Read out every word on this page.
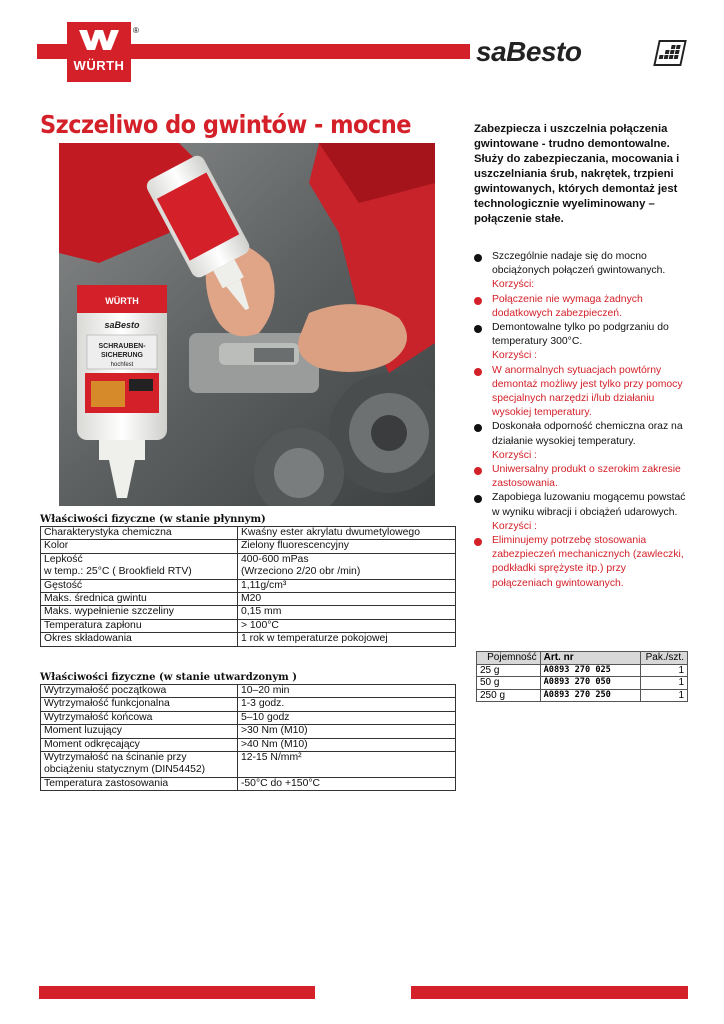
WÜRTH
®
saBesto
Szczeliwo do gwintów - mocne	Zabezpiecza i uszczelnia połączenia gwintowane - trudno demontowalne. Służy do zabezpieczania, mocowania i uszczelniania śrub, nakrętek, trzpieni gwintowanych, których demontaż jest technologicznie wyeliminowany – połączenie stałe.
WÜRTH
saBesto
SCHRAUBEN-
SICHERUNG
hochfest
Szczególnie nadaje się do mocno obciążonych połączeń gwintowanych.
Korzyści:
Połączenie nie wymaga żadnych dodatkowych zabezpieczeń.
Demontowalne tylko po podgrzaniu do temperatury 300°C.
Korzyści :
W anormalnych sytuacjach powtórny demontaż możliwy jest tylko przy pomocy specjalnych narzędzi i/lub działaniu wysokiej temperatury.
Doskonała odporność chemiczna oraz na działanie wysokiej temperatury.
Korzyści :
Uniwersalny produkt o szerokim zakresie zastosowania.
Zapobiega luzowaniu mogącemu powstać w wyniku wibracji i obciążeń udarowych.
Korzyści :
Eliminujemy potrzebę stosowania zabezpieczeń mechanicznych (zawleczki, podkładki sprężyste itp.) przy połączeniach gwintowanych.
Właściwości fizyczne (w stanie płynnym)
Charakterystyka chemiczna	Kwaśny ester akrylatu dwumetylowego
Kolor	Zielony fluorescencyjny
Lepkość
w temp.: 25°C ( Brookfield RTV)	400-600 mPas
(Wrzeciono 2/20 obr /min)
Gęstość	1,11g/cm³
Maks. średnica gwintu	M20
Maks. wypełnienie szczeliny	0,15 mm
Temperatura zapłonu	> 100°C
Okres składowania	1 rok w temperaturze pokojowej
Właściwości fizyczne (w stanie utwardzonym )
Wytrzymałość początkowa	10–20 min
Wytrzymałość funkcjonalna	1-3 godz.
Wytrzymałość końcowa	5–10 godz
Moment luzujący	>30 Nm (M10)
Moment odkręcający	>40 Nm (M10)
Wytrzymałość na ścinanie przy
obciążeniu statycznym (DIN54452)	12-15 N/mm²
Temperatura zastosowania	-50°C do +150°C
Pojemność	Art. nr	Pak./szt.
25 g	A0893 270 025	1
50 g	A0893 270 050	1
250 g	A0893 270 250	1
